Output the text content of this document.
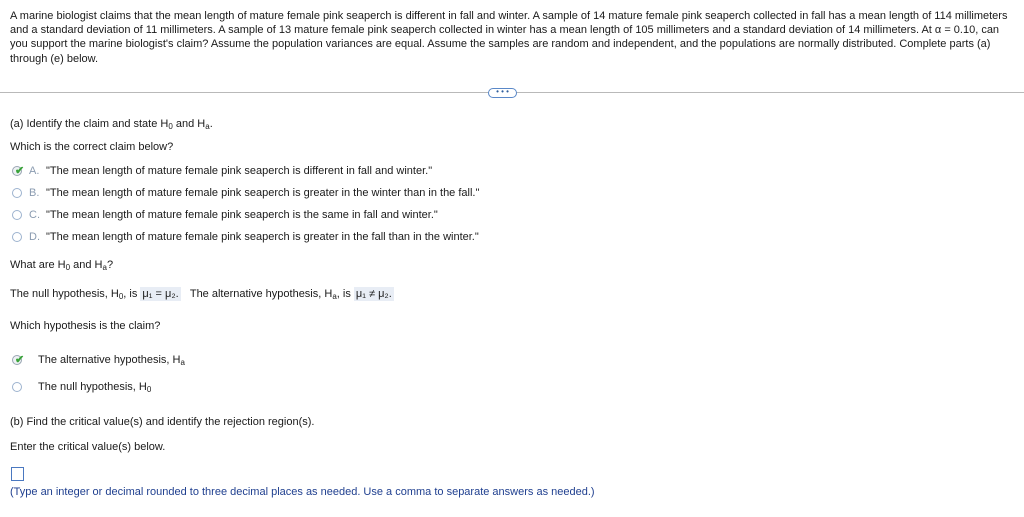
A marine biologist claims that the mean length of mature female pink seaperch is different in fall and winter. A sample of 14 mature female pink seaperch collected in fall has a mean length of 114 millimeters and a standard deviation of 11 millimeters. A sample of 13 mature female pink seaperch collected in winter has a mean length of 105 millimeters and a standard deviation of 14 millimeters. At α = 0.10, can you support the marine biologist's claim? Assume the population variances are equal. Assume the samples are random and independent, and the populations are normally distributed. Complete parts (a) through (e) below.
• • •
(a) Identify the claim and state $H_0$ and $H_a$.
Which is the correct claim below?
✔ A. "The mean length of mature female pink seaperch is different in fall and winter."
B. "The mean length of mature female pink seaperch is greater in the winter than in the fall."
C. "The mean length of mature female pink seaperch is the same in fall and winter."
D. "The mean length of mature female pink seaperch is greater in the fall than in the winter."
What are $H_0$ and $H_a$?
The null hypothesis, $H_0$, is μ₁ = μ₂. The alternative hypothesis, $H_a$, is μ₁ ≠ μ₂.
Which hypothesis is the claim?
✔ The alternative hypothesis, $H_a$
The null hypothesis, $H_0$
(b) Find the critical value(s) and identify the rejection region(s).
Enter the critical value(s) below.
(Type an integer or decimal rounded to three decimal places as needed. Use a comma to separate answers as needed.)
